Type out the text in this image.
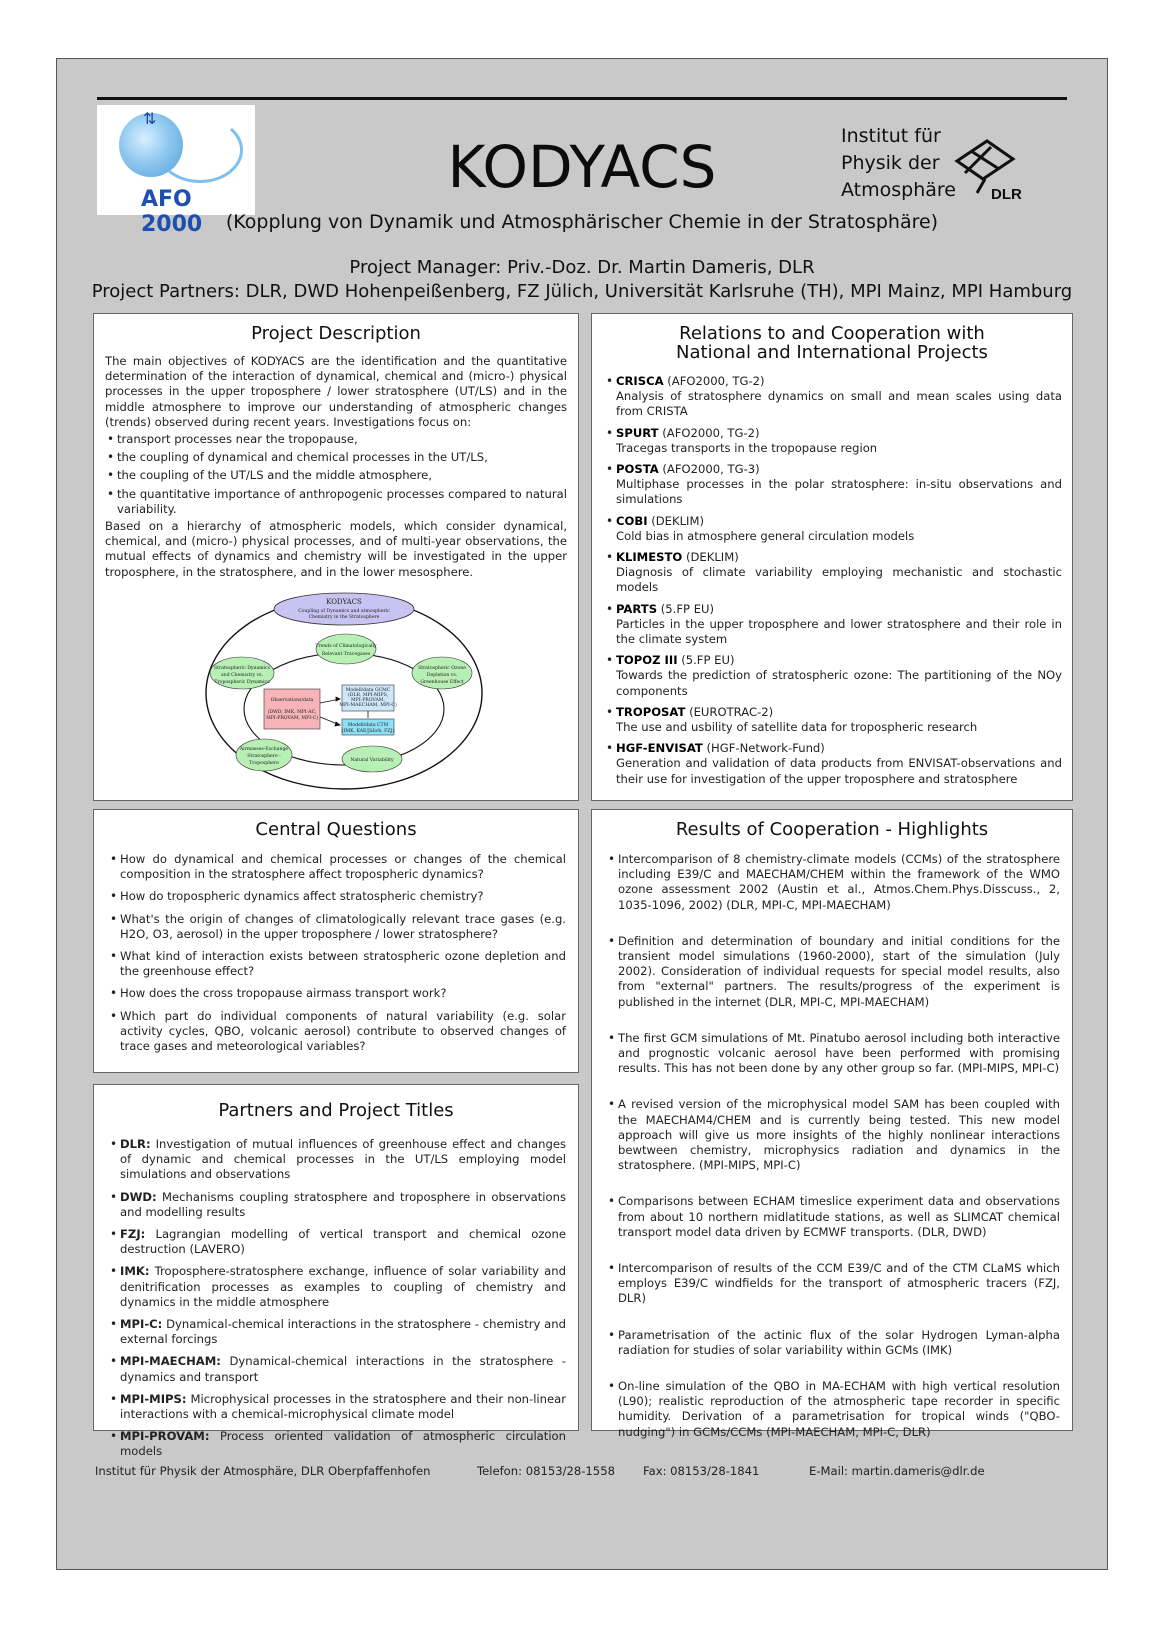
⇅
AFO 2000
KODYACS	Institut für
Physik der
Atmosphäre DLR
(Kopplung von Dynamik und Atmosphärischer Chemie in der Stratosphäre)
Project Manager: Priv.-Doz. Dr. Martin Dameris, DLR
Project Partners: DLR, DWD Hohenpeißenberg, FZ Jülich, Universität Karlsruhe (TH), MPI Mainz, MPI Hamburg
Project Description
The main objectives of KODYACS are the identification and the quantitative determination of the interaction of dynamical, chemical and (micro-) physical processes in the upper troposphere / lower stratosphere (UT/LS) and in the middle atmosphere to improve our understanding of atmospheric changes (trends) observed during recent years. Investigations focus on:
• transport processes near the tropopause,
• the coupling of dynamical and chemical processes in the UT/LS,
• the coupling of the UT/LS and the middle atmosphere,
• the quantitative importance of anthropogenic processes compared to natural variability.
Based on a hierarchy of atmospheric models, which consider dynamical, chemical, and (micro-) physical processes, and of multi-year observations, the mutual effects of dynamics and chemistry will be investigated in the upper troposphere, in the stratosphere, and in the lower mesosphere.
KODYACS
Coupling of Dynamics and atmospheric
Chemistry in the Stratosphere
Trends of Climatologically
Relevant Tracegases
Stratospheric Dynamics
and Chemistry vs.
Tropospheric Dynamics
Stratospheric Ozone
Depletion vs.
Greenhouse Effect
Observations/data
(DWD, IMK, MPI-AC,
MPI-PROVAM, MPI-C)
Modell/data GCMC
(DLR, MPI-MIPS,
MPI-PROVAM,
MPI-MAECHAM, MPI-C)
Modell/data CTM
(IMK, KAE/Jülich, FZJ)
Airmasses-Exchange
Stratosphere -
Troposphere
Natural Variability
Relations to and Cooperation with
National and International Projects
• CRISCA (AFO2000, TG-2)
Analysis of stratosphere dynamics on small and mean scales using data from CRISTA
• SPURT (AFO2000, TG-2)
Tracegas transports in the tropopause region
• POSTA (AFO2000, TG-3)
Multiphase processes in the polar stratosphere: in-situ observations and simulations
• COBI (DEKLIM)
Cold bias in atmosphere general circulation models
• KLIMESTO (DEKLIM)
Diagnosis of climate variability employing mechanistic and stochastic models
• PARTS (5.FP EU)
Particles in the upper troposphere and lower stratosphere and their role in the climate system
• TOPOZ III (5.FP EU)
Towards the prediction of stratospheric ozone: The partitioning of the NOy components
• TROPOSAT (EUROTRAC-2)
The use and usbility of satellite data for tropospheric research
• HGF-ENVISAT (HGF-Network-Fund)
Generation and validation of data products from ENVISAT-observations and their use for investigation of the upper troposphere and stratosphere
Central Questions
• How do dynamical and chemical processes or changes of the chemical composition in the stratosphere affect tropospheric dynamics?
• How do tropospheric dynamics affect stratospheric chemistry?
• What's the origin of changes of climatologically relevant trace gases (e.g. H2O, O3, aerosol) in the upper troposphere / lower stratosphere?
• What kind of interaction exists between stratospheric ozone depletion and the greenhouse effect?
• How does the cross tropopause airmass transport work?
• Which part do individual components of natural variability (e.g. solar activity cycles, QBO, volcanic aerosol) contribute to observed changes of trace gases and meteorological variables?
Partners and Project Titles
• DLR: Investigation of mutual influences of greenhouse effect and changes of dynamic and chemical processes in the UT/LS employing model simulations and observations
• DWD: Mechanisms coupling stratosphere and troposphere in observations and modelling results
• FZJ: Lagrangian modelling of vertical transport and chemical ozone destruction (LAVERO)
• IMK: Troposphere-stratosphere exchange, influence of solar variability and denitrification processes as examples to coupling of chemistry and dynamics in the middle atmosphere
• MPI-C: Dynamical-chemical interactions in the stratosphere - chemistry and external forcings
• MPI-MAECHAM: Dynamical-chemical interactions in the stratosphere - dynamics and transport
• MPI-MIPS: Microphysical processes in the stratosphere and their non-linear interactions with a chemical-microphysical climate model
• MPI-PROVAM: Process oriented validation of atmospheric circulation models
Results of Cooperation - Highlights
• Intercomparison of 8 chemistry-climate models (CCMs) of the stratosphere including E39/C and MAECHAM/CHEM within the framework of the WMO ozone assessment 2002 (Austin et al., Atmos.Chem.Phys.Disscuss., 2, 1035-1096, 2002) (DLR, MPI-C, MPI-MAECHAM)
• Definition and determination of boundary and initial conditions for the transient model simulations (1960-2000), start of the simulation (July 2002). Consideration of individual requests for special model results, also from "external" partners. The results/progress of the experiment is published in the internet (DLR, MPI-C, MPI-MAECHAM)
• The first GCM simulations of Mt. Pinatubo aerosol including both interactive and prognostic volcanic aerosol have been performed with promising results. This has not been done by any other group so far. (MPI-MIPS, MPI-C)
• A revised version of the microphysical model SAM has been coupled with the MAECHAM4/CHEM and is currently being tested. This new model approach will give us more insights of the highly nonlinear interactions bewtween chemistry, microphysics radiation and dynamics in the stratosphere. (MPI-MIPS, MPI-C)
• Comparisons between ECHAM timeslice experiment data and observations from about 10 northern midlatitude stations, as well as SLIMCAT chemical transport model data driven by ECMWF transports. (DLR, DWD)
• Intercomparison of results of the CCM E39/C and of the CTM CLaMS which employs E39/C windfields for the transport of atmospheric tracers (FZJ, DLR)
• Parametrisation of the actinic flux of the solar Hydrogen Lyman-alpha radiation for studies of solar variability within GCMs (IMK)
• On-line simulation of the QBO in MA-ECHAM with high vertical resolution (L90); realistic reproduction of the atmospheric tape recorder in specific humidity. Derivation of a parametrisation for tropical winds ("QBO-nudging") in GCMs/CCMs (MPI-MAECHAM, MPI-C, DLR)
Institut für Physik der Atmosphäre, DLR Oberpfaffenhofen	Telefon: 08153/28-1558 Fax: 08153/28-1841	E-Mail: martin.dameris@dlr.de
